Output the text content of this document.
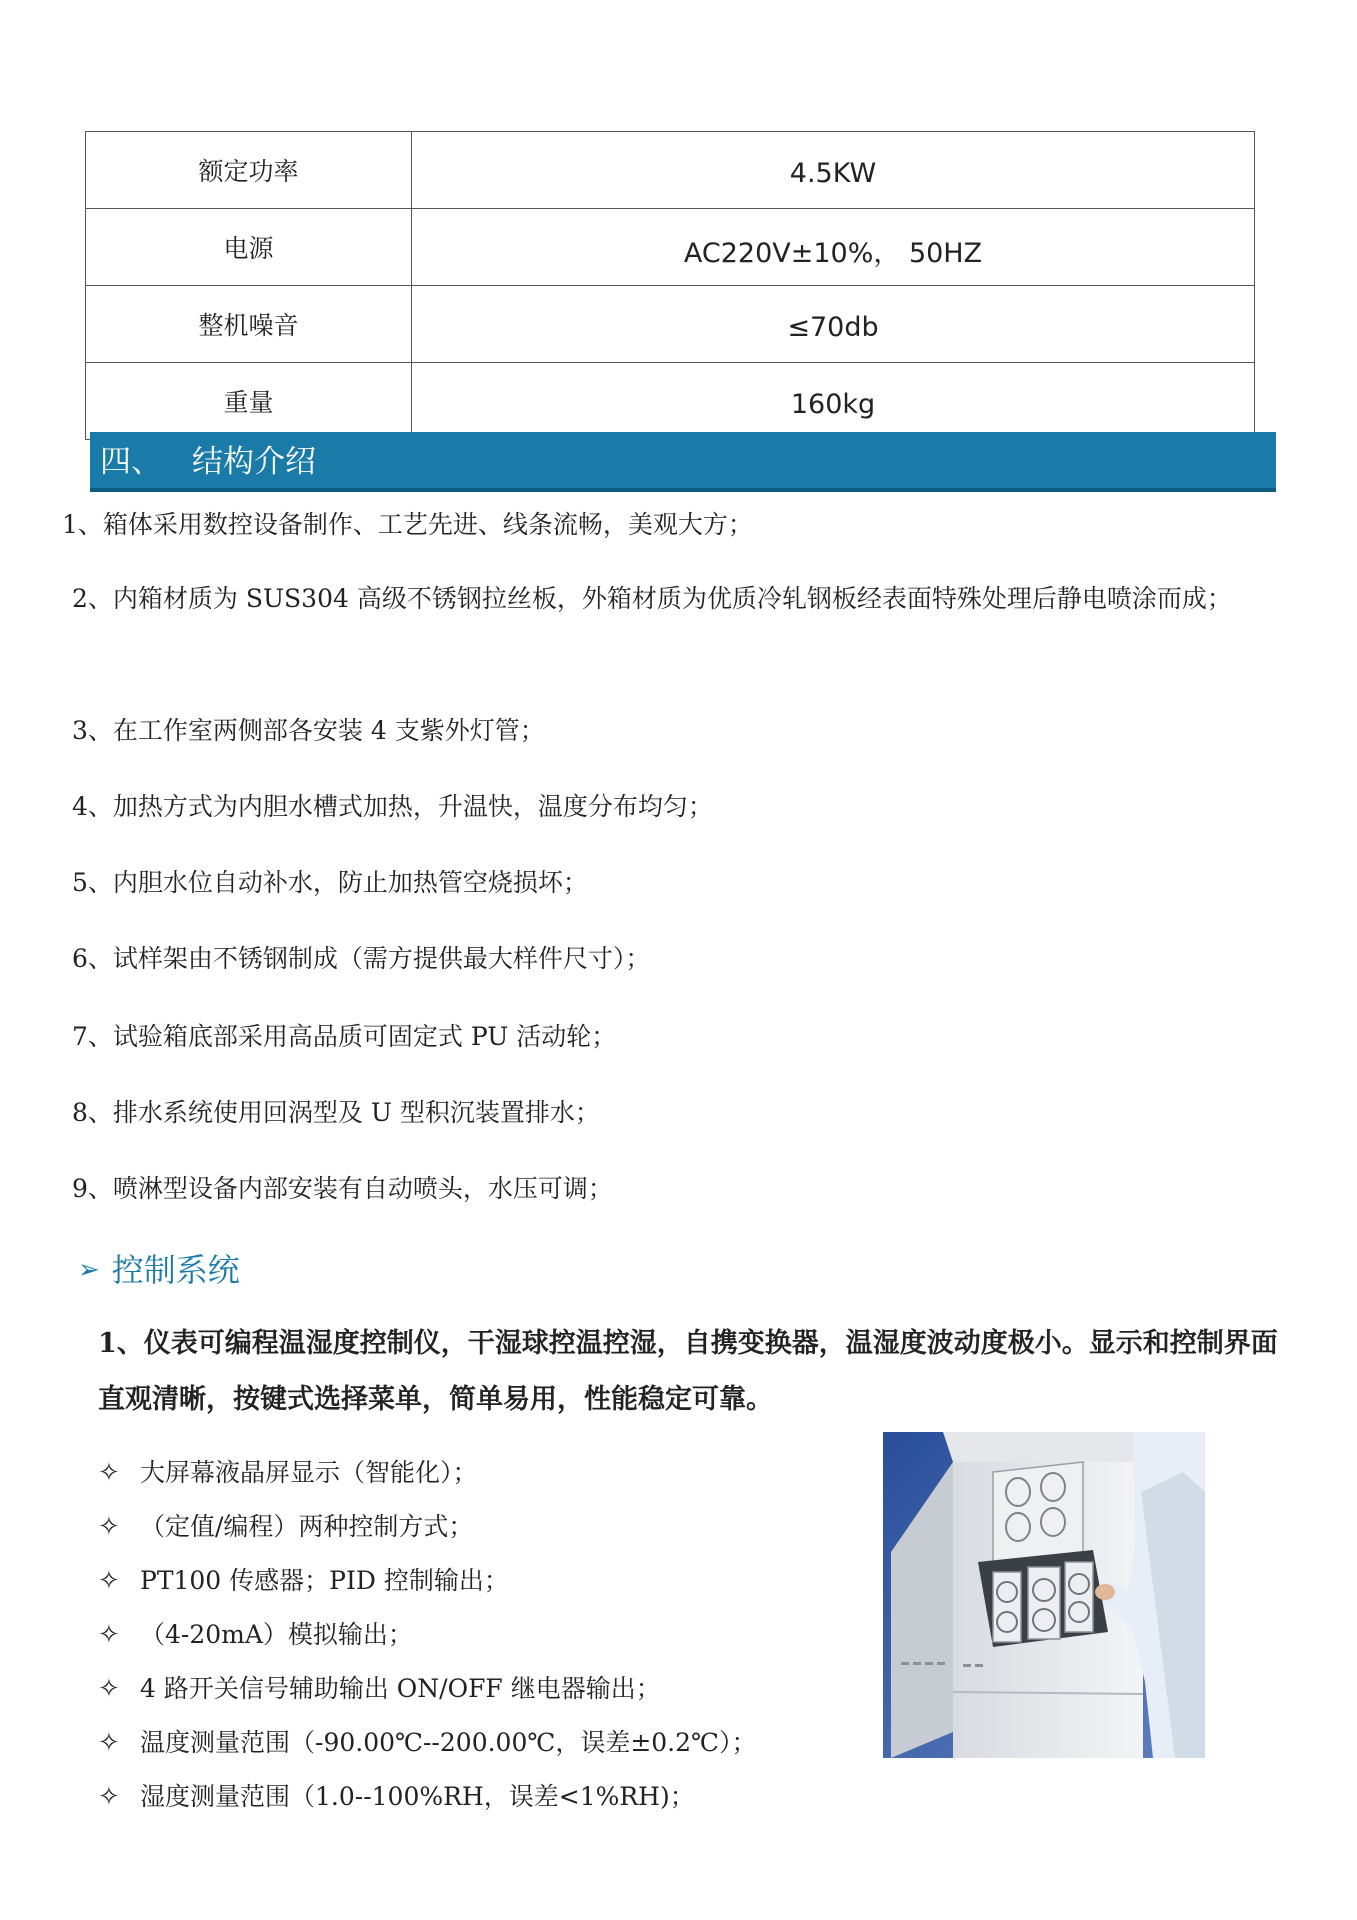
额定功率	4.5KW
电源	AC220V±10%， 50HZ
整机噪音	≤70db
重量	160kg
四、 结构介绍
1、箱体采用数控设备制作、工艺先进、线条流畅，美观大方；
2、内箱材质为 SUS304 高级不锈钢拉丝板，外箱材质为优质冷轧钢板经表面特殊处理后静电喷涂而成；
3、在工作室两侧部各安装 4 支紫外灯管；
4、加热方式为内胆水槽式加热，升温快，温度分布均匀；
5、内胆水位自动补水，防止加热管空烧损坏；
6、试样架由不锈钢制成（需方提供最大样件尺寸）；
7、试验箱底部采用高品质可固定式 PU 活动轮；
8、排水系统使用回涡型及 U 型积沉装置排水；
9、喷淋型设备内部安装有自动喷头，水压可调；
➢ 控制系统
1、仪表可编程温湿度控制仪，干湿球控温控湿，自携变换器，温湿度波动度极小。显示和控制界面直观清晰，按键式选择菜单，简单易用，性能稳定可靠。
✧ 大屏幕液晶屏显示（智能化）；
✧ （定值/编程）两种控制方式；
✧ PT100 传感器；PID 控制输出；
✧ （4-20mA）模拟输出；
✧ 4 路开关信号辅助输出 ON/OFF 继电器输出；
✧ 温度测量范围（-90.00℃--200.00℃，误差±0.2℃）；
✧ 湿度测量范围（1.0--100%RH，误差<1%RH)；
